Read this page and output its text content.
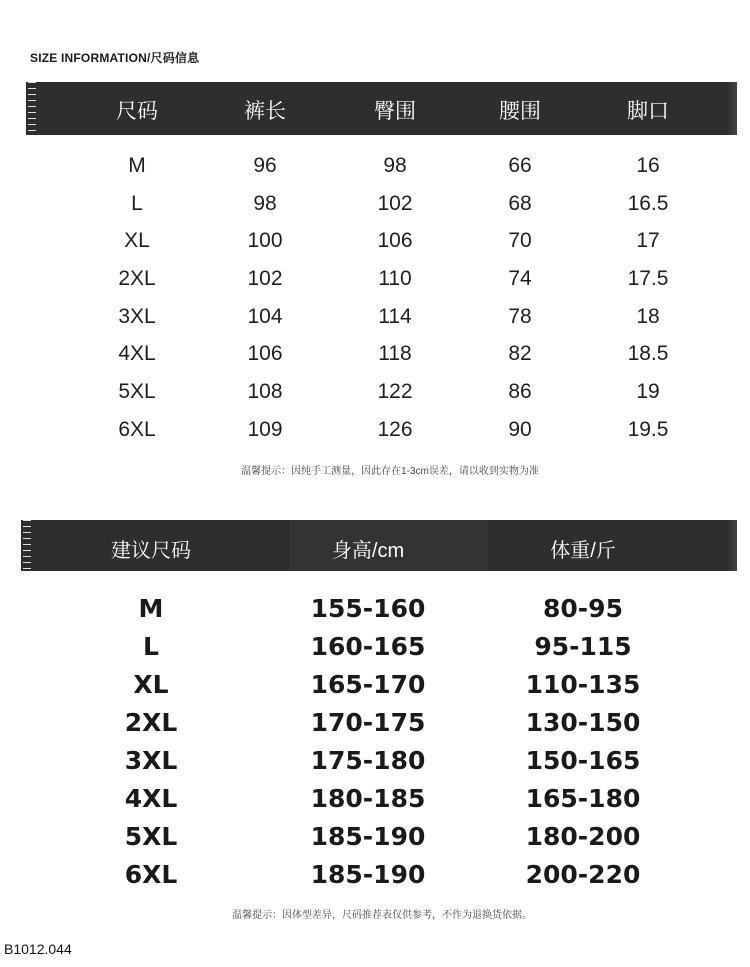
SIZE INFORMATION/尺码信息
尺码	裤长	臀围	腰围	脚口
M	96	98	66	16
L	98	102	68	16.5
XL	100	106	70	17
2XL	102	110	74	17.5
3XL	104	114	78	18
4XL	106	118	82	18.5
5XL	108	122	86	19
6XL	109	126	90	19.5
温馨提示：因纯手工测量，因此存在1-3cm误差，请以收到实物为准
建议尺码	身高/cm	体重/斤
M	155-160	80-95
L	160-165	95-115
XL	165-170	110-135
2XL	170-175	130-150
3XL	175-180	150-165
4XL	180-185	165-180
5XL	185-190	180-200
6XL	185-190	200-220
温馨提示：因体型差异，尺码推荐表仅供参考，不作为退换货依据。
B1012.044
